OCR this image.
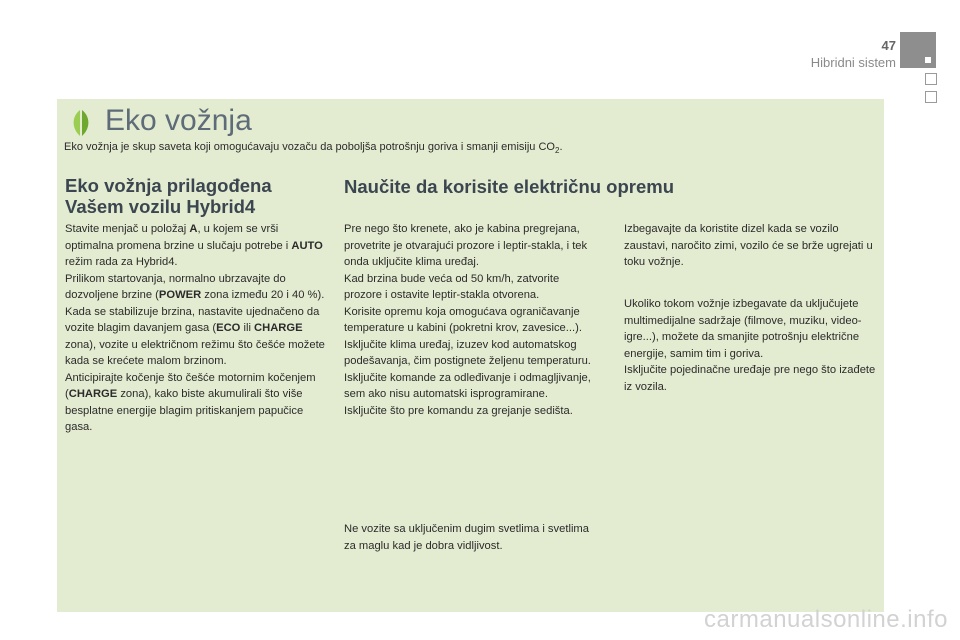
47
Hibridni sistem
Eko vožnja
Eko vožnja je skup saveta koji omogućavaju vozaču da poboljša potrošnju goriva i smanji emisiju $CO_2$.
Eko vožnja prilagođena
Vašem vozilu Hybrid4

Stavite menjač u položaj A, u kojem se vrši optimalna promena brzine u slučaju potrebe i AUTO režim rada za Hybrid4.

Prilikom startovanja, normalno ubrzavajte do dozvoljene brzine (POWER zona između 20 i 40 %).

Kada se stabilizuje brzina, nastavite ujednačeno da vozite blagim davanjem gasa (ECO ili CHARGE zona), vozite u električnom režimu što češće možete kada se krećete malom brzinom.

Anticipirajte kočenje što češće motornim kočenjem (CHARGE zona), kako biste akumulirali što više besplatne energije blagim pritiskanjem papučice gasa.

Naučite da korisite električnu opremu

Pre nego što krenete, ako je kabina pregrejana, provetrite je otvarajući prozore i leptir-stakla, i tek onda uključite klima uređaj.

Kad brzina bude veća od 50 km/h, zatvorite prozore i ostavite leptir-stakla otvorena.

Korisite opremu koja omogućava ograničavanje temperature u kabini (pokretni krov, zavesice...).

Isključite klima uređaj, izuzev kod automatskog podešavanja, čim postignete željenu temperaturu.

Isključite komande za odleđivanje i odmagljivanje, sem ako nisu automatski isprogramirane.

Isključite što pre komandu za grejanje sedišta.

Ne vozite sa uključenim dugim svetlima i svetlima za maglu kad je dobra vidljivost.

Izbegavajte da koristite dizel kada se vozilo zaustavi, naročito zimi, vozilo će se brže ugrejati u toku vožnje.

Ukoliko tokom vožnje izbegavate da uključujete multimedijalne sadržaje (filmove, muziku, video-igre...), možete da smanjite potrošnju električne energije, samim tim i goriva.

Isključite pojedinačne uređaje pre nego što izađete iz vozila.

carmanualsonline.info
